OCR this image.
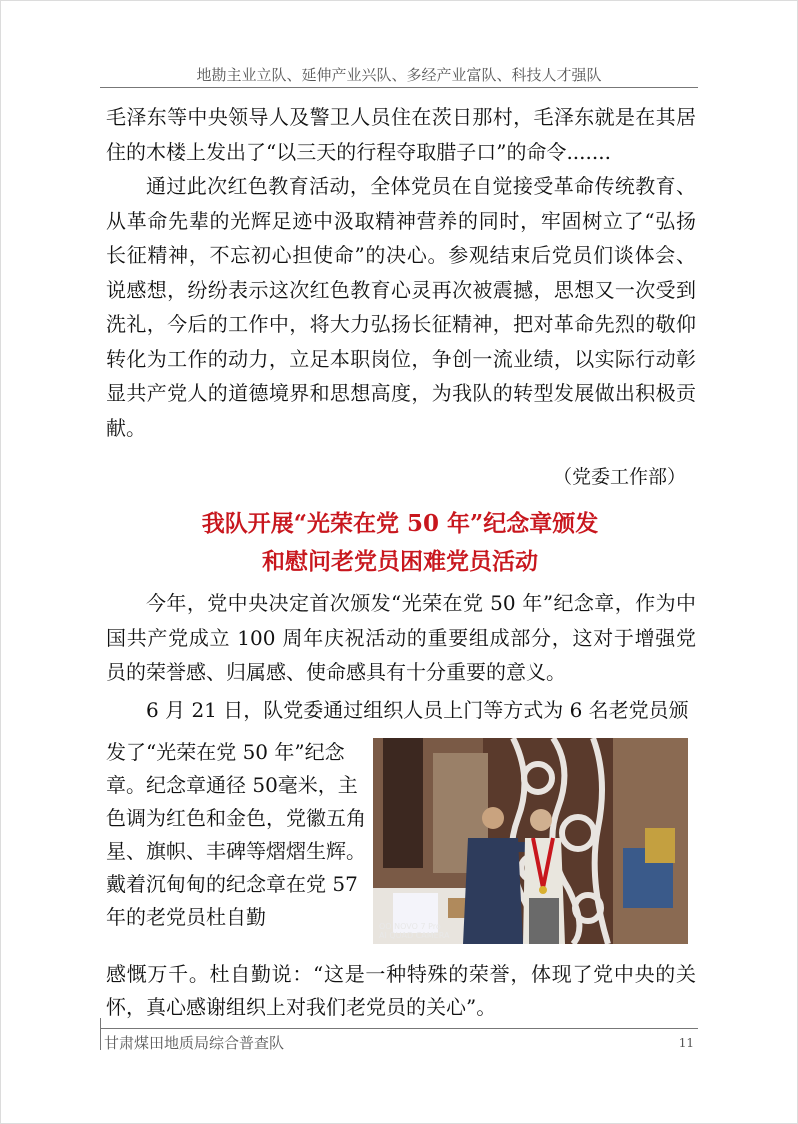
地勘主业立队、延伸产业兴队、多经产业富队、科技人才强队

毛泽东等中央领导人及警卫人员住在茨日那村，毛泽东就是在其居住的木楼上发出了“以三天的行程夺取腊子口”的命令.......

通过此次红色教育活动，全体党员在自觉接受革命传统教育、从革命先辈的光辉足迹中汲取精神营养的同时，牢固树立了“弘扬长征精神，不忘初心担使命”的决心。参观结束后党员们谈体会、说感想，纷纷表示这次红色教育心灵再次被震撼，思想又一次受到洗礼，今后的工作中，将大力弘扬长征精神，把对革命先烈的敬仰转化为工作的动力，立足本职岗位，争创一流业绩，以实际行动彰显共产党人的道德境界和思想高度，为我队的转型发展做出积极贡献。

（党委工作部）
我队开展“光荣在党 50 年”纪念章颁发
和慰问老党员困难党员活动

今年，党中央决定首次颁发“光荣在党 50 年”纪念章，作为中国共产党成立 100 周年庆祝活动的重要组成部分，这对于增强党员的荣誉感、归属感、使命感具有十分重要的意义。

6 月 21 日，队党委通过组织人员上门等方式为 6 名老党员颁

发了“光荣在党 50 年”纪念章。纪念章通径 50毫米，主色调为红色和金色，党徽五角星、旗帜、丰碑等熠熠生辉。戴着沉甸甸的纪念章在党 57 年的老党员杜自勤	OO NOVO 7 Pro
AI QUAD CAMERA
感慨万千。杜自勤说：“这是一种特殊的荣誉，体现了党中央的关怀，真心感谢组织上对我们老党员的关心”。
甘肃煤田地质局综合普查队	11
